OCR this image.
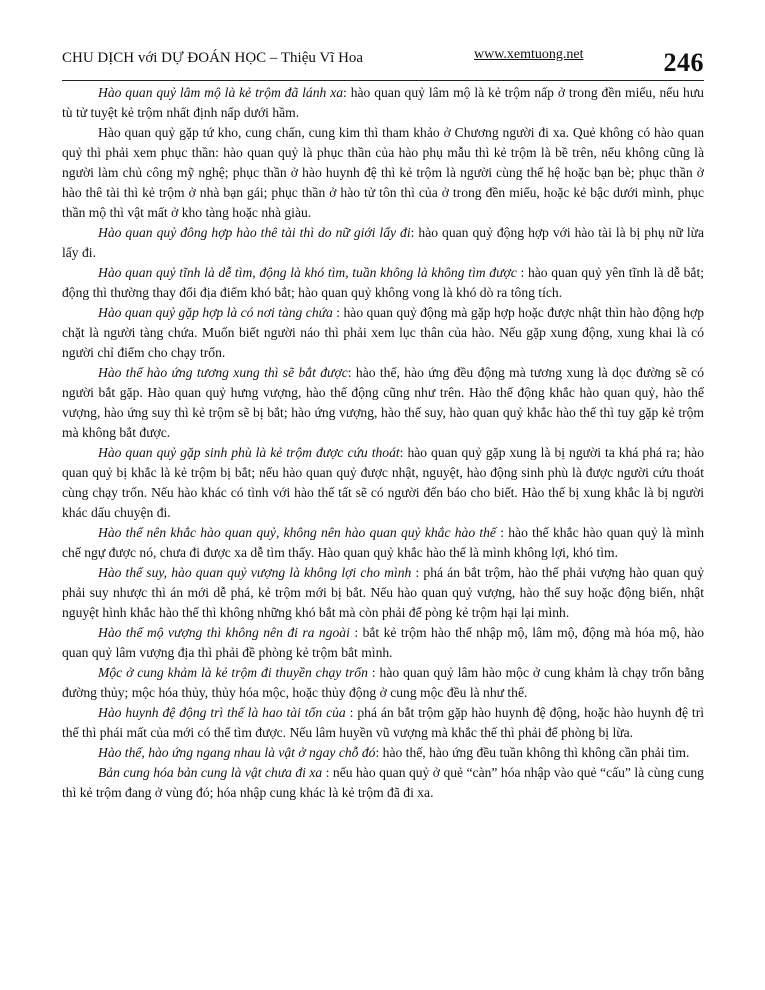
CHU DỊCH với DỰ ĐOÁN HỌC – Thiệu Vĩ Hoa	www.xemtuong.net	246

Hào quan quỷ lâm mộ là kẻ trộm đã lánh xa: hào quan quỷ lâm mộ là kẻ trộm nấp ở trong đền miếu, nếu hưu tù tử tuyệt kẻ trộm nhất định nấp dưới hầm.

Hào quan quỷ gặp tứ kho, cung chấn, cung kim thì tham khảo ở Chương người đi xa. Quẻ không có hào quan quỷ thì phải xem phục thần: hào quan quỷ là phục thần của hào phụ mẫu thì kẻ trộm là bề trên, nếu không cũng là người làm chủ công mỹ nghệ; phục thần ở hào huynh đệ thì kẻ trộm là người cùng thế hệ hoặc bạn bè; phục thần ở hào thê tài thì kẻ trộm ở nhà bạn gái; phục thần ở hào tử tôn thì của ở trong đền miếu, hoặc kẻ bậc dưới mình, phục thần mộ thì vật mất ở kho tàng hoặc nhà giàu.

Hào quan quỷ đông hợp hào thê tài thì do nữ giới lấy đi: hào quan quỷ động hợp với hào tài là bị phụ nữ lừa lấy đi.

Hào quan quỷ tĩnh là dễ tìm, động là khó tìm, tuần không là không tìm được : hào quan quỷ yên tĩnh là dễ bắt; động thì thường thay đổi địa điểm khó bắt; hào quan quỷ không vong là khó dò ra tông tích.

Hào quan quỷ gặp hợp là có nơi tàng chứa : hào quan quỷ động mà gặp hợp hoặc được nhật thìn hào động hợp chặt là người tàng chứa. Muốn biết người náo thì phải xem lục thân của hào. Nếu gặp xung động, xung khai là có người chỉ điểm cho chạy trốn.

Hào thế hào ứng tương xung thì sẽ bắt được: hào thế, hào ứng đều động mà tương xung là dọc đường sẽ có người bắt gặp. Hào quan quỷ hưng vượng, hào thế động cũng như trên. Hào thế động khắc hào quan quỷ, hào thế vượng, hào ứng suy thì kẻ trộm sẽ bị bắt; hào ứng vượng, hào thế suy, hào quan quỷ khắc hào thế thì tuy gặp kẻ trộm mà không bắt được.

Hào quan quỷ gặp sinh phù là kẻ trộm được cứu thoát: hào quan quỷ gặp xung là bị người ta khá phá ra; hào quan quỷ bị khắc là kẻ trộm bị bắt; nếu hào quan quỷ được nhật, nguyệt, hào động sinh phù là được người cứu thoát cùng chạy trốn. Nếu hào khác có tình với hào thế tất sẽ có người đến báo cho biết. Hào thế bị xung khắc là bị người khác dấu chuyện đi.

Hào thế nên khắc hào quan quỷ, không nên hào quan quỷ khắc hào thế : hào thế khắc hào quan quỷ là mình chế ngự được nó, chưa đi được xa dễ tìm thấy. Hào quan quỷ khắc hào thế là mình không lợi, khó tìm.

Hào thế suy, hào quan quỷ vượng là không lợi cho mình : phá án bắt trộm, hào thế phải vượng hào quan quỷ phải suy nhược thì án mới dễ phá, kẻ trộm mới bị bắt. Nếu hào quan quỷ vượng, hào thế suy hoặc động biến, nhật nguyệt hình khắc hào thế thì không những khó bắt mà còn phải để pòng kẻ trộm hại lại mình.

Hào thế mộ vượng thì không nên đi ra ngoài : bắt kẻ trộm hào thế nhập mộ, lâm mộ, động mà hóa mộ, hào quan quỷ lâm vượng địa thì phải đề phòng kẻ trộm bắt mình.

Mộc ở cung khảm là kẻ trộm đi thuyền chạy trốn : hào quan quỷ lâm hào mộc ở cung khảm là chạy trốn bằng đường thủy; mộc hóa thủy, thủy hóa mộc, hoặc thủy động ở cung mộc đều là như thế.

Hào huynh đệ động trì thế là hao tài tốn của : phá án bắt trộm gặp hào huynh đệ động, hoặc hào huynh đệ trì thế thì phái mất của mới có thể tìm được. Nếu lâm huyền vũ vượng mà khắc thế thì phải để phòng bị lừa.

Hào thế, hào ứng ngang nhau là vật ở ngay chỗ đó: hào thế, hào ứng đều tuần không thì không cần phải tìm.

Bản cung hóa bản cung là vật chưa đi xa : nếu hào quan quỷ ở quẻ “càn” hóa nhập vào quẻ “cấu” là cùng cung thì kẻ trộm đang ở vùng đó; hóa nhập cung khác là kẻ trộm đã đi xa.
